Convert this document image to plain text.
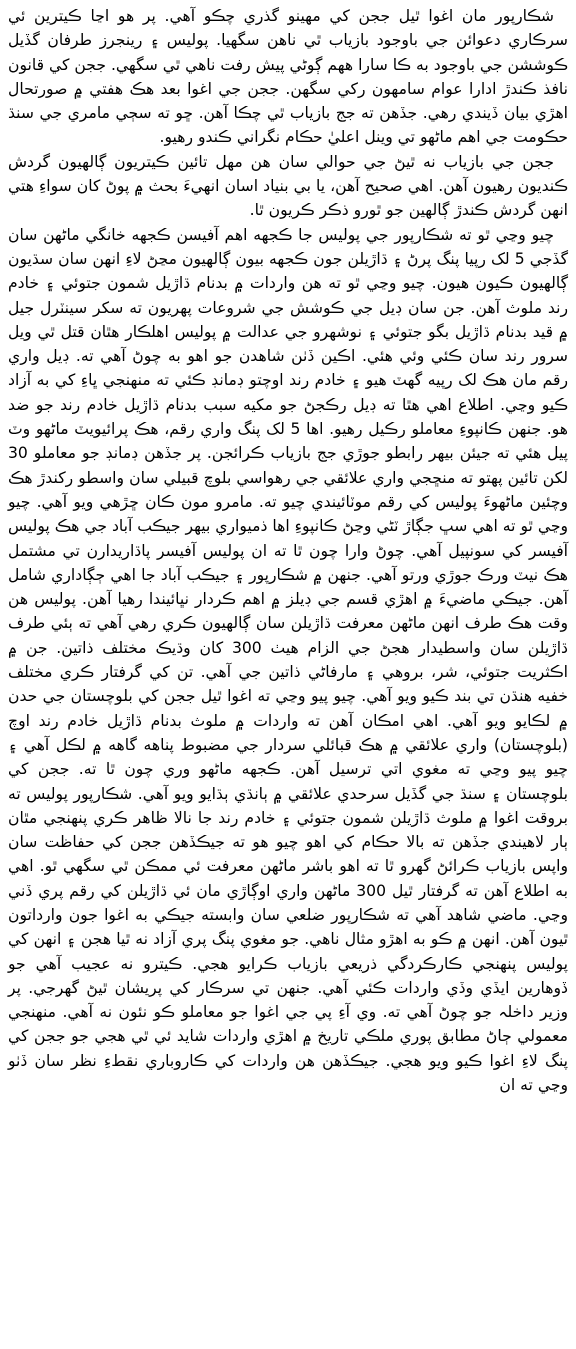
شڪارپور مان اغوا ٿيل ججن کي مهينو گذري چڪو آهي. پر هو اڃا ڪيترين ئي سرڪاري دعوائن جي باوجود بازياب ٿي ناهن سگهيا. پوليس ۽ رينجرز طرفان گڏيل ڪوششن جي باوجود به ڪا سارا ههم ڳوڻي پيش رفت ناهي ٿي سگهي. ججن کي قانون نافذ ڪندڙ ادارا عوام سامهون رکي سگهن. ججن جي اغوا بعد هڪ هفتي ۾ صورتحال اهڙي بيان ڏيندي رهي. جڏهن ته جج بازياب ٿي چڪا آهن. ڇو ته سڄي مامري جي سنڌ حڪومت جي اهم ماڻهو تي وينل اعليٰ حڪام نگراني ڪندو رهيو.

ججن جي بازياب نه ٿيڻ جي حوالي سان هن مهل تائين ڪيتريون ڳالهيون گردش ڪنديون رهيون آهن. اهي صحيح آهن، يا بي بنياد اسان انهيءَ بحث ۾ پوڻ کان سواءِ هتي انهن گردش ڪندڙ ڳالهين جو ٿورو ذڪر ڪريون ٿا.

چيو وڃي ٿو ته شڪارپور جي پوليس جا ڪجهه اهم آفيسن ڪجهه خانگي ماڻهن سان گڏجي 5 لک رپيا پنگ پرڻ ۽ ڌاڙيلن جون ڪجهه بيون ڳالهيون مڃڻ لاءِ انهن سان سڌيون ڳالهيون ڪيون هيون. چيو وڃي ٿو ته هن واردات ۾ بدنام ڌاڙيل شمون جتوئي ۽ خادم رند ملوث آهن. جن سان ڊيل جي ڪوشش جي شروعات پهريون ته سکر سينٽرل جيل ۾ قيد بدنام ڌاڙيل بگو جتوئي ۽ نوشهرو جي عدالت ۾ پوليس اهلڪار هٿان قتل ٿي ويل سرور رند سان ڪئي وئي هئي. اڪين ڏٺن شاهدن جو اهو به چوڻ آهي ته. ڊيل واري رقم مان هڪ لک رپيه گهٽ هيو ۽ خادم رند اوچتو ڊمانڊ ڪئي ته منهنجي ڀاءِ کي به آزاد ڪيو وڃي. اطلاع اهي هٿا ته ڊيل رڪجڻ جو مکيه سبب بدنام ڌاڙيل خادم رند جو ضد هو. جنهن ڪانپوءِ معاملو رڪيل رهيو. اها 5 لک پنگ واري رقم، هڪ پرائيويٽ ماڻهو وٽ پيل هئي ته جيئن بيهر رابطو جوڙي جج بازياب ڪرائجن. پر جڏهن ڊمانڊ جو معاملو 30 لکن تائين پهتو ته منڇجي واري علائقي جي رهواسي بلوچ قبيلي سان واسطو رکندڙ هڪ وچئين ماڻهوءَ پوليس کي رقم موٽائيندي چيو ته. مامرو مون ڪان ڇڙهي ويو آهي. چيو وڃي ٿو ته اهي سڀ جڳاڙ ٽڻي وڃڻ ڪانپوءِ اها ذميواري بيهر جيڪب آباد جي هڪ پوليس آفيسر کي سونپيل آهي. چوڻ وارا چون ٿا ته ان پوليس آفيسر پاڌاريدارن تي مشتمل هڪ نيٽ ورڪ جوڙي ورتو آهي. جنهن ۾ شڪارپور ۽ جيڪب آباد جا اهي ڄڳاداري شامل آهن. جيڪي ماضيءَ ۾ اهڙي قسم جي ڊيلز ۾ اهم ڪردار نڀائيندا رهيا آهن. پوليس هن وقت هڪ طرف انهن ماڻهن معرفت ڌاڙيلن سان ڳالهيون ڪري رهي آهي ته ٻئي طرف ڌاڙيلن سان واسطيدار هجڻ جي الزام هيٺ 300 کان وڌيڪ مختلف ذاتين. جن ۾ اڪثريت جتوئي، شر، بروهي ۽ مارفاڻي ذاتين جي آهي. تن کي گرفتار ڪري مختلف خفيه هنڌن تي بند ڪيو ويو آهي. چيو پيو وڃي ته اغوا ٿيل ججن کي بلوچستان جي حدن ۾ لڪايو ويو آهي. اهي امڪان آهن ته واردات ۾ ملوث بدنام ڌاڙيل خادم رند اوچ (بلوچستان) واري علائقي ۾ هڪ قبائلي سردار جي مضبوط پناهه گاهه ۾ لڪل آهي ۽ چيو پيو وڃي ته مغوي اتي ترسيل آهن. ڪجهه ماڻهو وري چون ٿا ته. ججن کي بلوچستان ۽ سنڌ جي گڏيل سرحدي علائقي ۾ ٻانڌي ٻڌايو ويو آهي. شڪارپور پوليس ته بروقت اغوا ۾ ملوث ڌاڙيلن شمون جتوئي ۽ خادم رند جا نالا ظاهر ڪري پنهنجي مٿان ٻار لاهيندي جڏهن ته بالا حڪام کي اهو چيو هو ته جيڪڏهن ججن کي حفاظت سان واپس بازياب ڪرائڻ گهرو ٿا ته اهو باشر ماڻهن معرفت ئي ممڪن ٿي سگهي ٿو. اهي به اطلاع آهن ته گرفتار ٿيل 300 ماڻهن واري اوڳاڙي مان ئي ڌاڙيلن کي رقم پري ڏني وڃي. ماضي شاهد آهي ته شڪارپور ضلعي سان وابسته جيڪي به اغوا جون وارداتون ٿيون آهن. انهن ۾ ڪو به اهڙو مثال ناهي. جو مغوي پنگ پري آزاد نه ٿيا هجن ۽ انهن کي پوليس پنهنجي ڪارڪردگي ذريعي بازياب ڪرايو هجي. ڪيترو نه عجيب آهي جو ڏوهارين ايڏي وڏي واردات ڪئي آهي. جنهن تي سرڪار کي پريشان ٿيڻ گهرجي. پر وزير داخلہ جو چوڻ آهي ته. وي آءِ پي جي اغوا جو معاملو ڪو نئون نه آهي. منهنجي معمولي ڄاڻ مطابق پوري ملڪي تاريخ ۾ اهڙي واردات شايد ئي ٿي هجي جو ججن کي پنگ لاءِ اغوا ڪيو ويو هجي. جيڪڏهن هن واردات کي ڪاروباري نقطءِ نظر سان ڏٺو وڃي ته ان
